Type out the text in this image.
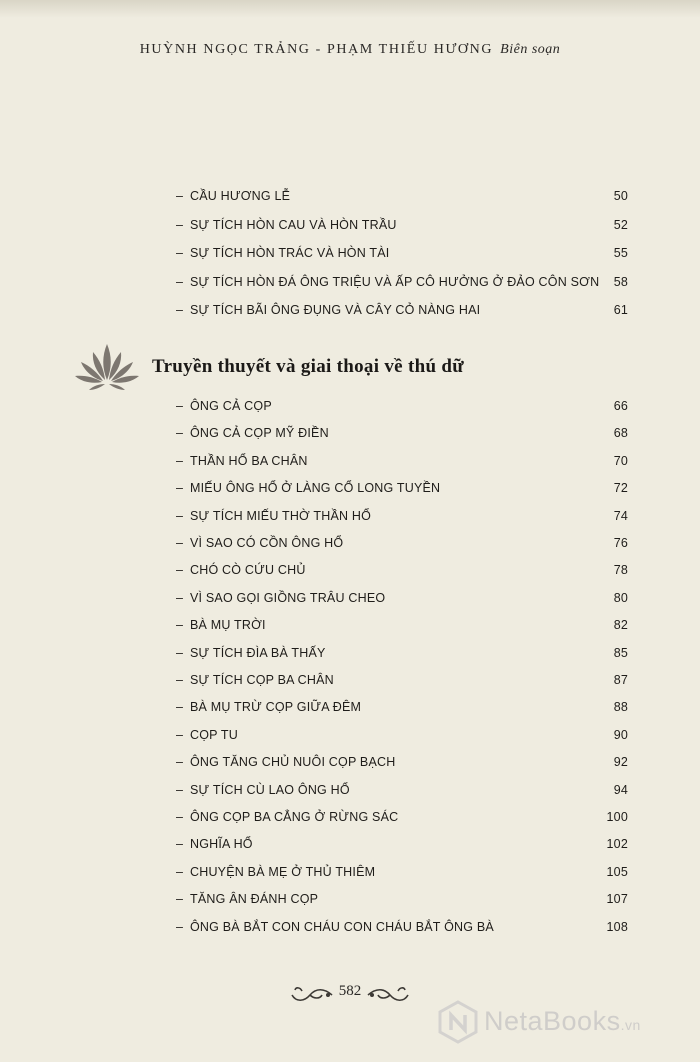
HUỲNH NGỌC TRẢNG - PHẠM THIẾU HƯƠNG Biên soạn
– CẦU HƯƠNG LỄ	50
– SỰ TÍCH HÒN CAU VÀ HÒN TRẦU	52
– SỰ TÍCH HÒN TRÁC VÀ HÒN TÀI	55
– SỰ TÍCH HÒN ĐÁ ÔNG TRIỆU VÀ ẤP CÔ HƯỞNG Ở ĐẢO CÔN SƠN 58
– SỰ TÍCH BÃI ÔNG ĐỤNG VÀ CÂY CỎ NÀNG HAI	61
Truyền thuyết và giai thoại về thú dữ
– ÔNG CẢ CỌP	66
– ÔNG CẢ CỌP MỸ ĐIỀN	68
– THẦN HỔ BA CHÂN	70
– MIẾU ÔNG HỔ Ở LÀNG CỔ LONG TUYỀN	72
– SỰ TÍCH MIẾU THỜ THẦN HỔ	74
– VÌ SAO CÓ CỒN ÔNG HỔ	76
– CHÓ CÒ CỨU CHỦ	78
– VÌ SAO GỌI GIỒNG TRÂU CHEO	80
– BÀ MỤ TRỜI	82
– SỰ TÍCH ĐÌA BÀ THẤY	85
– SỰ TÍCH CỌP BA CHÂN	87
– BÀ MỤ TRỪ CỌP GIỮA ĐÊM	88
– CỌP TU	90
– ÔNG TĂNG CHỦ NUÔI CỌP BẠCH	92
– SỰ TÍCH CÙ LAO ÔNG HỔ	94
– ÔNG CỌP BA CẲNG Ở RỪNG SÁC	100
– NGHĨA HỔ	102
– CHUYỆN BÀ MẸ Ở THỦ THIÊM	105
– TĂNG ÂN ĐÁNH CỌP	107
– ÔNG BÀ BẮT CON CHÁU CON CHÁU BẮT ÔNG BÀ	108
582
NetaBooks.vn
